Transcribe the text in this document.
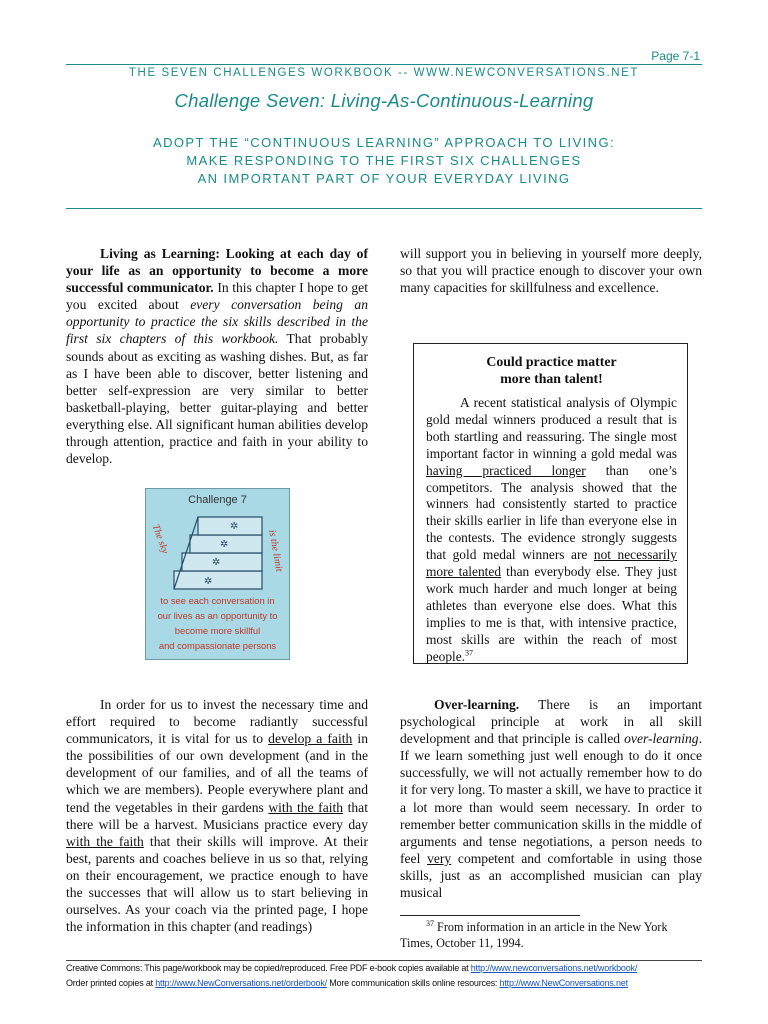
Page 7-1
THE SEVEN CHALLENGES WORKBOOK -- WWW.NEWCONVERSATIONS.NET
Challenge Seven: Living-As-Continuous-Learning
ADOPT THE “CONTINUOUS LEARNING” APPROACH TO LIVING:
MAKE RESPONDING TO THE FIRST SIX CHALLENGES
AN IMPORTANT PART OF YOUR EVERYDAY LIVING

Living as Learning: Looking at each day of your life as an opportunity to become a more successful communicator. In this chapter I hope to get you excited about every conversation being an opportunity to practice the six skills described in the first six chapters of this workbook. That probably sounds about as exciting as washing dishes. But, as far as I have been able to discover, better listening and better self-expression are very similar to better basketball-playing, better guitar-playing and better everything else. All significant human abilities develop through attention, practice and faith in your ability to develop.

Challenge 7
The sky	is the limit
✲
✲
✲
✲
to see each conversation in
our lives as an opportunity to
become more skillful
and compassionate persons

will support you in believing in yourself more deeply, so that you will practice enough to discover your own many capacities for skillfulness and excellence.

Could practice matter
more than talent!

A recent statistical analysis of Olympic gold medal winners produced a result that is both startling and reassuring. The single most important factor in winning a gold medal was having practiced longer than one’s competitors. The analysis showed that the winners had consistently started to practice their skills earlier in life than everyone else in the contests. The evidence strongly suggests that gold medal winners are not necessarily more talented than everybody else. They just work much harder and much longer at being athletes than everyone else does. What this implies to me is that, with intensive practice, most skills are within the reach of most people.$^{37}$

In order for us to invest the necessary time and effort required to become radiantly successful communicators, it is vital for us to develop a faith in the possibilities of our own development (and in the development of our families, and of all the teams of which we are members). People everywhere plant and tend the vegetables in their gardens with the faith that there will be a harvest. Musicians practice every day with the faith that their skills will improve. At their best, parents and coaches believe in us so that, relying on their encouragement, we practice enough to have the successes that will allow us to start believing in ourselves. As your coach via the printed page, I hope the information in this chapter (and readings)

Over-learning. There is an important psychological principle at work in all skill development and that principle is called over-learning. If we learn something just well enough to do it once successfully, we will not actually remember how to do it for very long. To master a skill, we have to practice it a lot more than would seem necessary. In order to remember better communication skills in the middle of arguments and tense negotiations, a person needs to feel very competent and comfortable in using those skills, just as an accomplished musician can play musical

$^{37}$ From information in an article in the New York Times, October 11, 1994.
Creative Commons: This page/workbook may be copied/reproduced. Free PDF e-book copies available at http://www.newconversations.net/workbook/
Order printed copies at http://www.NewConversations.net/orderbook/ More communication skills online resources: http://www.NewConversations.net
